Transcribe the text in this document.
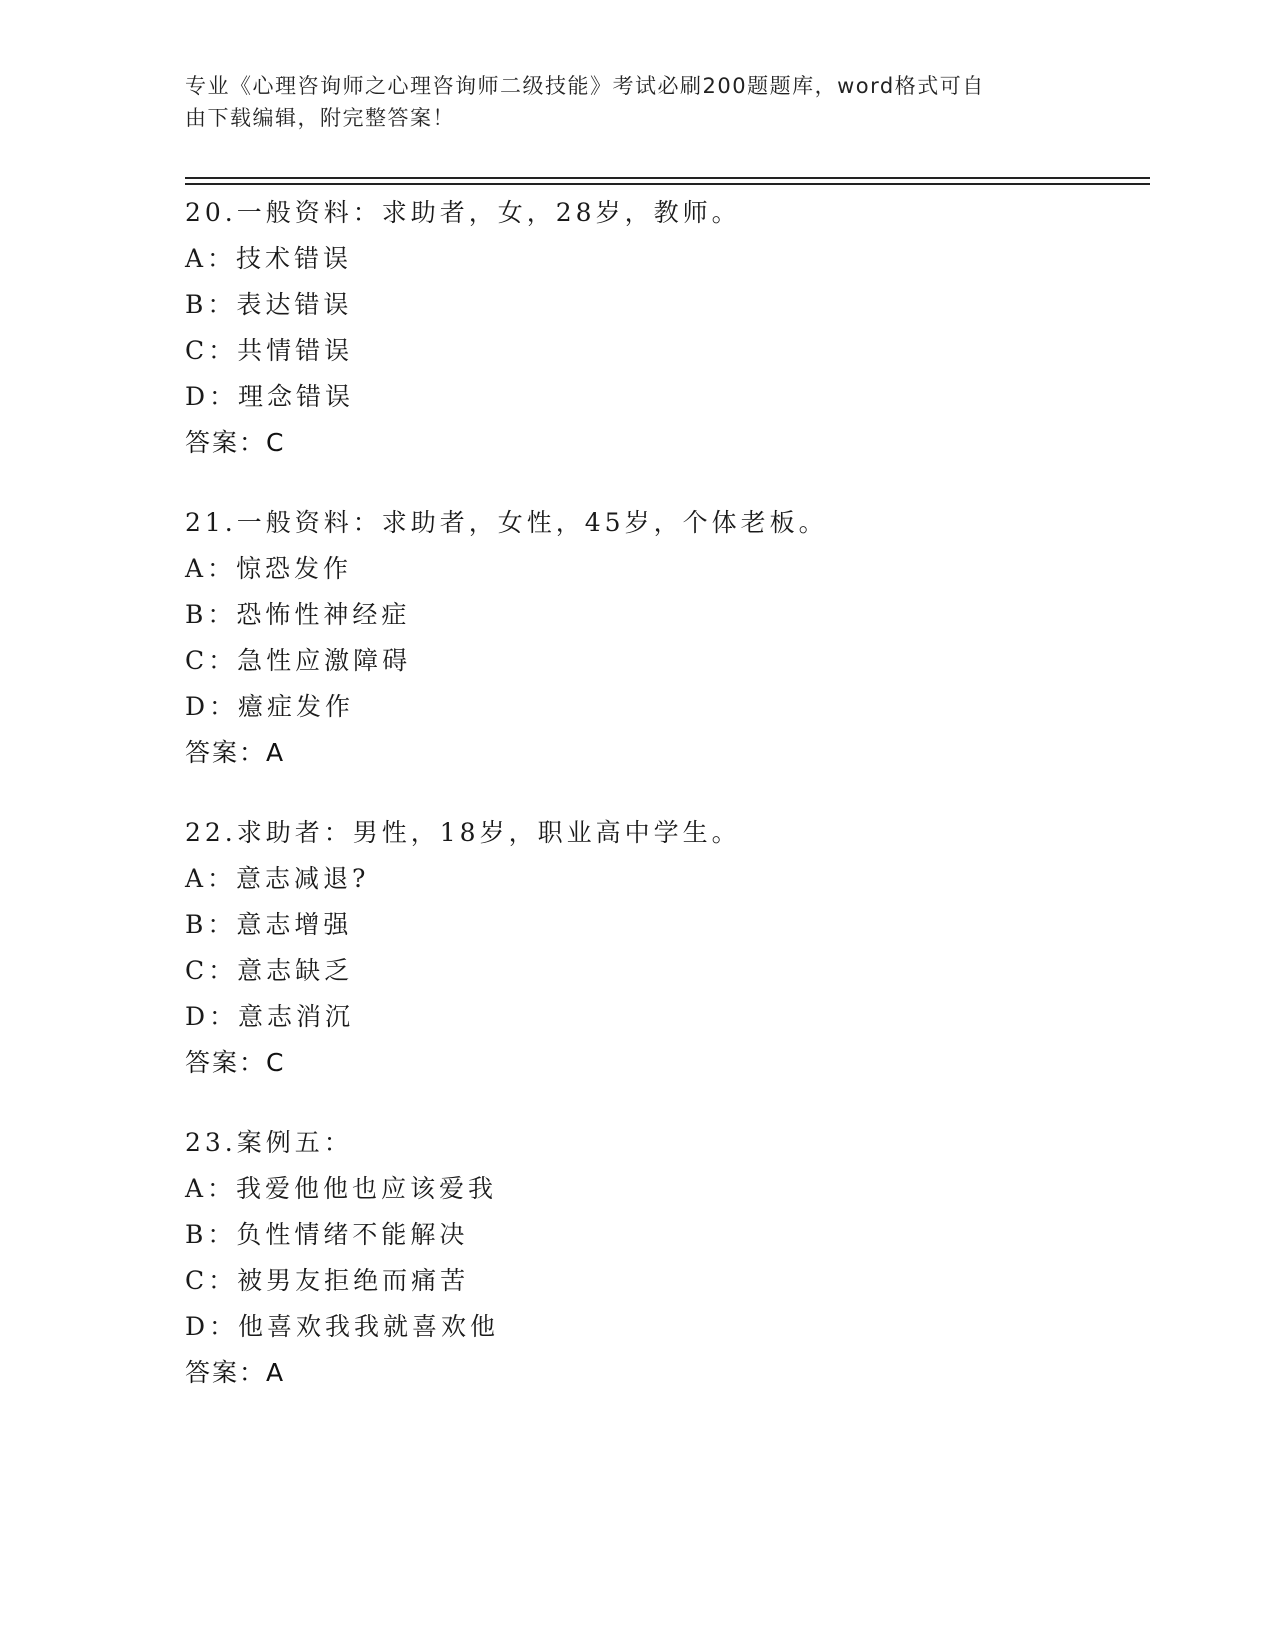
专业《心理咨询师之心理咨询师二级技能》考试必刷200题题库，word格式可自
由下载编辑，附完整答案！
20.一般资料：求助者，女，28岁，教师。
A：技术错误
B：表达错误
C：共情错误
D：理念错误
答案：C
21.一般资料：求助者，女性，45岁，个体老板。
A：惊恐发作
B：恐怖性神经症
C：急性应激障碍
D：癔症发作
答案：A
22.求助者：男性，18岁，职业高中学生。
A：意志减退?
B：意志增强
C：意志缺乏
D：意志消沉
答案：C
23.案例五：
A：我爱他他也应该爱我
B：负性情绪不能解决
C：被男友拒绝而痛苦
D：他喜欢我我就喜欢他
答案：A
